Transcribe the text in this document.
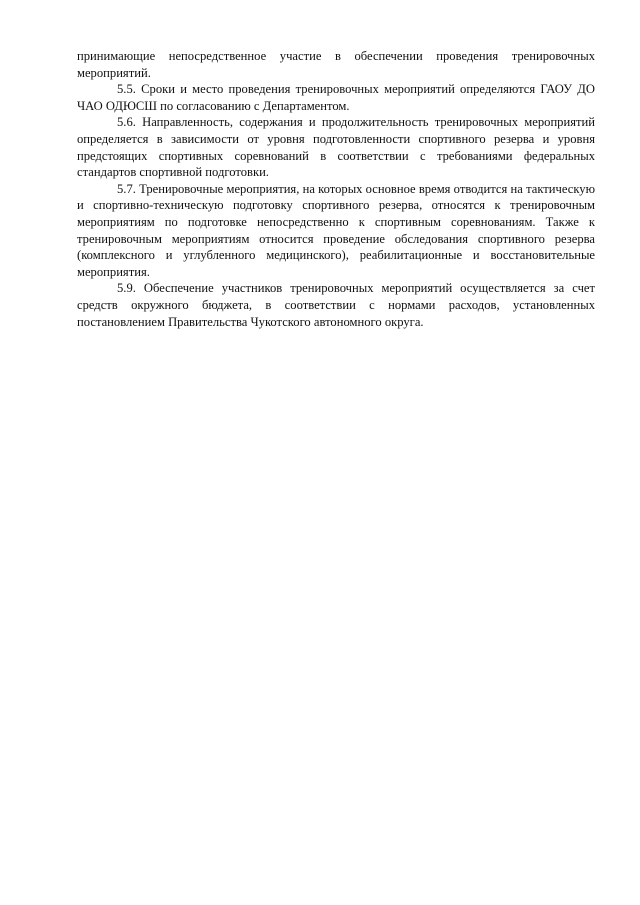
принимающие непосредственное участие в обеспечении проведения тренировочных мероприятий.

5.5. Сроки и место проведения тренировочных мероприятий определяются ГАОУ ДО ЧАО ОДЮСШ по согласованию с Департаментом.

5.6. Направленность, содержания и продолжительность тренировочных мероприятий определяется в зависимости от уровня подготовленности спортивного резерва и уровня предстоящих спортивных соревнований в соответствии с требованиями федеральных стандартов спортивной подготовки.

5.7. Тренировочные мероприятия, на которых основное время отводится на тактическую и спортивно-техническую подготовку спортивного резерва, относятся к тренировочным мероприятиям по подготовке непосредственно к спортивным соревнованиям. Также к тренировочным мероприятиям относится проведение обследования спортивного резерва (комплексного и углубленного медицинского), реабилитационные и восстановительные мероприятия.

5.9. Обеспечение участников тренировочных мероприятий осуществляется за счет средств окружного бюджета, в соответствии с нормами расходов, установленных постановлением Правительства Чукотского автономного округа.
